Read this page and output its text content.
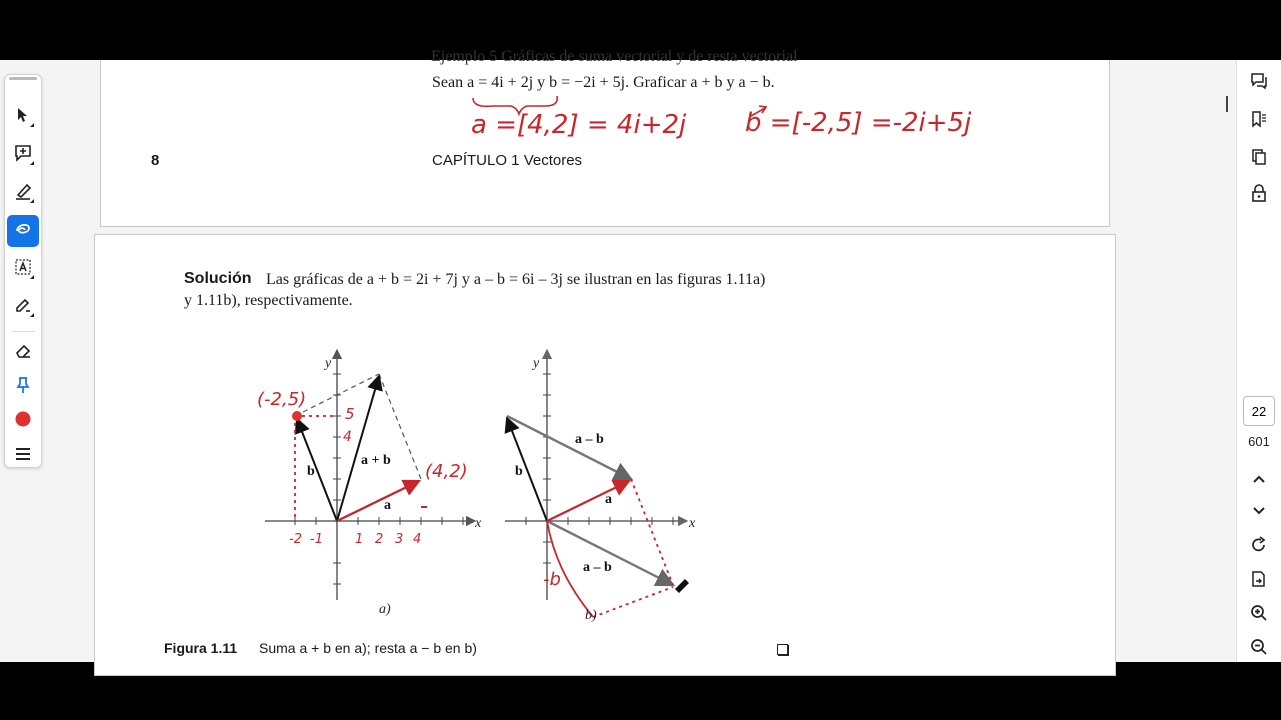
Ejemplo 5 Gráficas de suma vectorial y de resta vectorial
Sean a = 4i + 2j y b = −2i + 5j. Graficar a + b y a − b.
8	CAPÍTULO 1 Vectores
a =[4,2] = 4i+2j b =[-2,5] =-2i+5j
Solución Las gráficas de a + b = 2i + 7j y a – b = 6i – 3j se ilustran en las figuras 1.11a)
y 1.11b), respectivamente.
y
x
b
a + b
a
a)
(-2,5)
(4,2)
5
4
-2 -1 1 2 3 4
y
x
b
a – b
a
a – b
-b
b)
Figura 1.11 Suma a + b en a); resta a − b en b)
22
601
